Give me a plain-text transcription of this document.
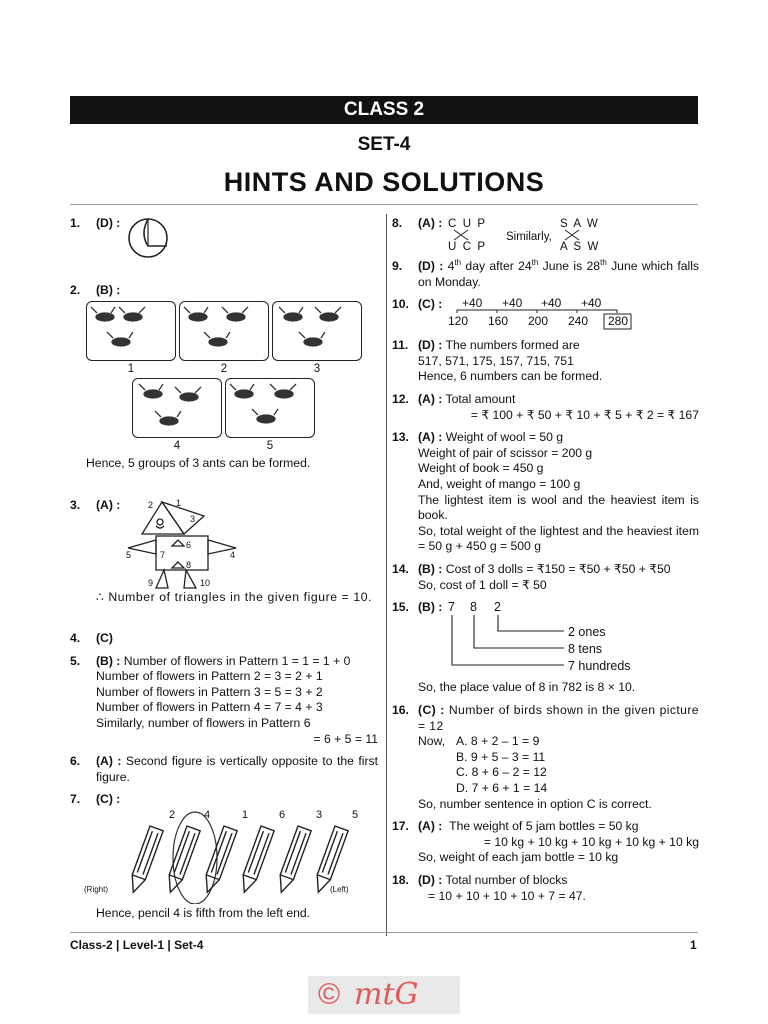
CLASS 2
SET-4
HINTS AND SOLUTIONS
1. (D) :
2. (B) :
1	2	3
4	5
Hence, 5 groups of 3 ants can be formed.
3. (A) :	2	1
3
6
7
5	4
8
9	10
∴ Number of triangles in the given figure = 10.
4. (C)
5. (B) : Number of flowers in Pattern 1 = 1 = 1 + 0
Number of flowers in Pattern 2 = 3 = 2 + 1
Number of flowers in Pattern 3 = 5 = 3 + 2
Number of flowers in Pattern 4 = 7 = 4 + 3
Similarly, number of flowers in Pattern 6
= 6 + 5 = 11
6. (A) : Second figure is vertically opposite to the first figure.
7. (C) :
2	4	1	6	3	5
(Right)	(Left)
Hence, pencil 4 is fifth from the left end.
8. (A) : C  U  P
U  C  P
Similarly,
S  A  W
A  S  W
9. (D) : 4th day after 24th June is 28th June which falls on Monday.
10. (C) : +40 +40 +40 +40
120 160 200 240 280
11. (D) : The numbers formed are
517, 571, 175, 157, 715, 751
Hence, 6 numbers can be formed.
12. (A) : Total amount
= ₹ 100 + ₹ 50 + ₹ 10 + ₹ 5 + ₹ 2 = ₹ 167
13. (A) : Weight of wool = 50 g
Weight of pair of scissor = 200 g
Weight of book = 450 g
And, weight of mango = 100 g
The lightest item is wool and the heaviest item is book.
So, total weight of the lightest and the heaviest item = 50 g + 450 g = 500 g
14. (B) : Cost of 3 dolls = ₹150 = ₹50 + ₹50 + ₹50
So, cost of 1 doll = ₹ 50
15. (B) : 7 8 2
2 ones
8 tens
7 hundreds
So, the place value of 8 in 782 is 8 × 10.
16. (C) : Number of birds shown in the given picture = 12
Now, A. 8 + 2 – 1 = 9
B. 9 + 5 – 3 = 11
C. 8 + 6 – 2 = 12
D. 7 + 6 + 1 = 14
So, number sentence in option C is correct.
17. (A) : The weight of 5 jam bottles = 50 kg
= 10 kg + 10 kg + 10 kg + 10 kg + 10 kg
So, weight of each jam bottle = 10 kg
18. (D) : Total number of blocks
= 10 + 10 + 10 + 10 + 7 = 47.
Class-2 | Level-1 | Set-4	1
© mtG
